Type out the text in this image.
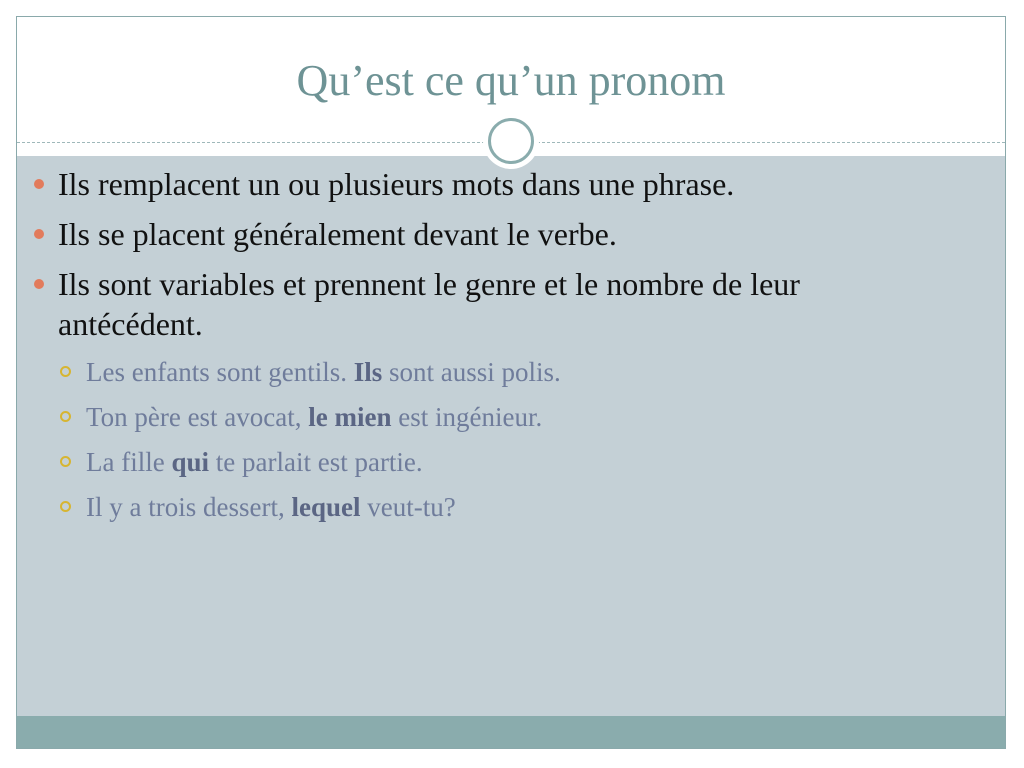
Qu’est ce qu’un pronom
Ils remplacent un ou plusieurs mots dans une phrase.
Ils se placent généralement devant le verbe.
Ils sont variables et prennent le genre et le nombre de leur antécédent.
Les enfants sont gentils. Ils sont aussi polis.
Ton père est avocat, le mien est ingénieur.
La fille qui te parlait est partie.
Il y a trois dessert, lequel veut-tu?
